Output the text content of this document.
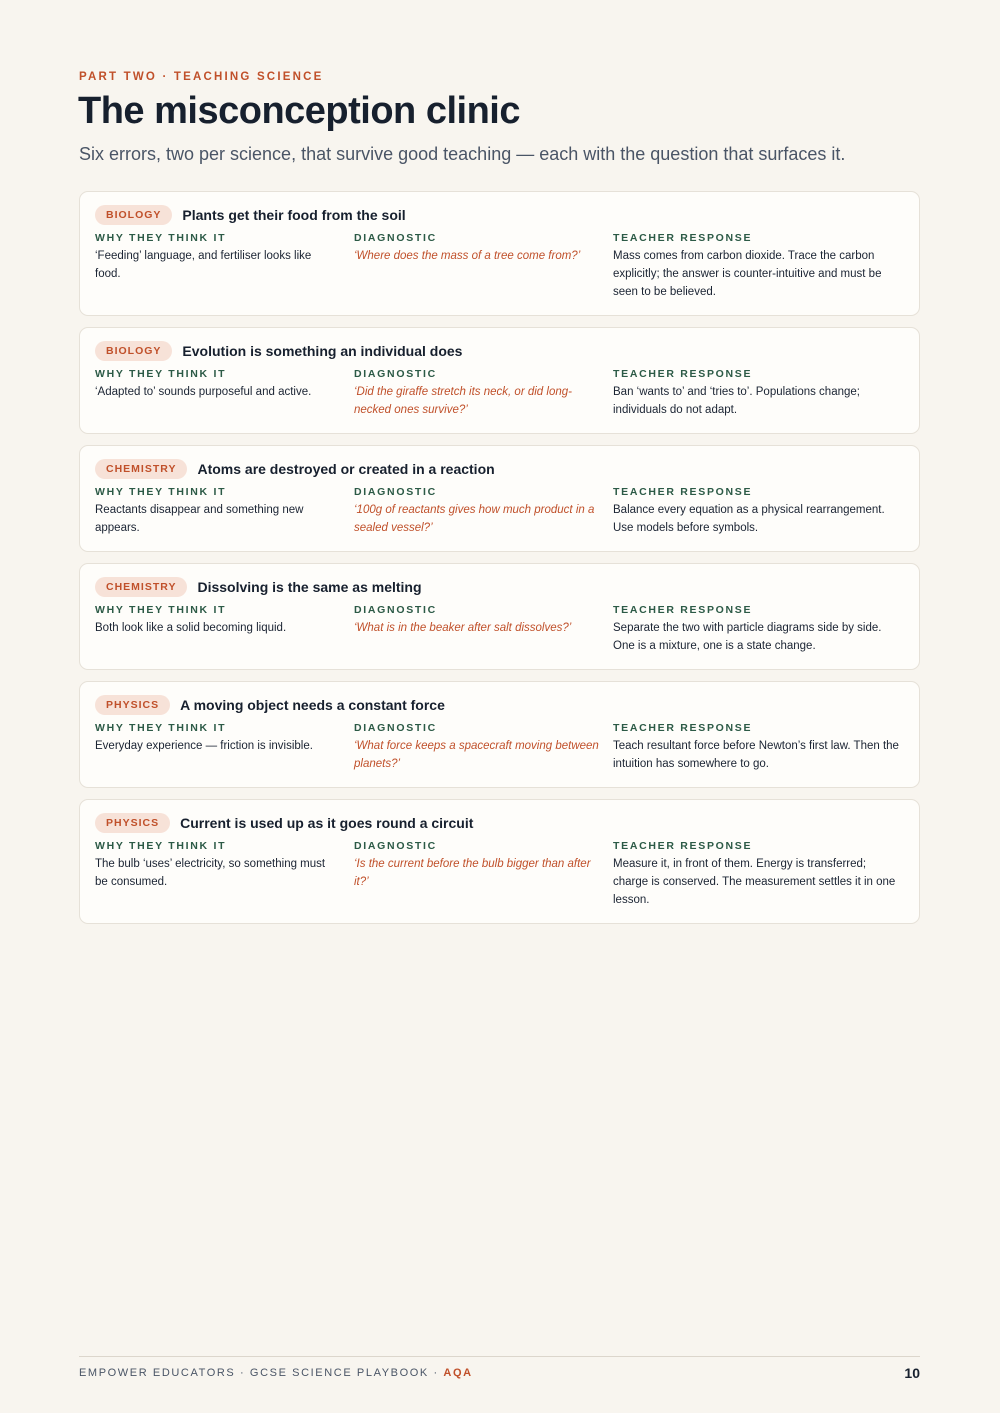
PART TWO · TEACHING SCIENCE
The misconception clinic

Six errors, two per science, that survive good teaching — each with the question that surfaces it.

BIOLOGY	Plants get their food from the soil
WHY THEY THINK IT
‘Feeding’ language, and fertiliser looks like food.
DIAGNOSTIC
‘Where does the mass of a tree come from?’
TEACHER RESPONSE
Mass comes from carbon dioxide. Trace the carbon explicitly; the answer is counter-intuitive and must be seen to be believed.
BIOLOGY	Evolution is something an individual does
WHY THEY THINK IT
‘Adapted to’ sounds purposeful and active.
DIAGNOSTIC
‘Did the giraffe stretch its neck, or did long-necked ones survive?’
TEACHER RESPONSE
Ban ‘wants to’ and ‘tries to’. Populations change; individuals do not adapt.
CHEMISTRY	Atoms are destroyed or created in a reaction
WHY THEY THINK IT
Reactants disappear and something new appears.
DIAGNOSTIC
‘100g of reactants gives how much product in a sealed vessel?’
TEACHER RESPONSE
Balance every equation as a physical rearrangement. Use models before symbols.
CHEMISTRY	Dissolving is the same as melting
WHY THEY THINK IT
Both look like a solid becoming liquid.
DIAGNOSTIC
‘What is in the beaker after salt dissolves?’
TEACHER RESPONSE
Separate the two with particle diagrams side by side. One is a mixture, one is a state change.
PHYSICS	A moving object needs a constant force
WHY THEY THINK IT
Everyday experience — friction is invisible.
DIAGNOSTIC
‘What force keeps a spacecraft moving between planets?’
TEACHER RESPONSE
Teach resultant force before Newton’s first law. Then the intuition has somewhere to go.
PHYSICS	Current is used up as it goes round a circuit
WHY THEY THINK IT
The bulb ‘uses’ electricity, so something must be consumed.
DIAGNOSTIC
‘Is the current before the bulb bigger than after it?’
TEACHER RESPONSE
Measure it, in front of them. Energy is transferred; charge is conserved. The measurement settles it in one lesson.
EMPOWER EDUCATORS · GCSE SCIENCE PLAYBOOK · AQA	10
